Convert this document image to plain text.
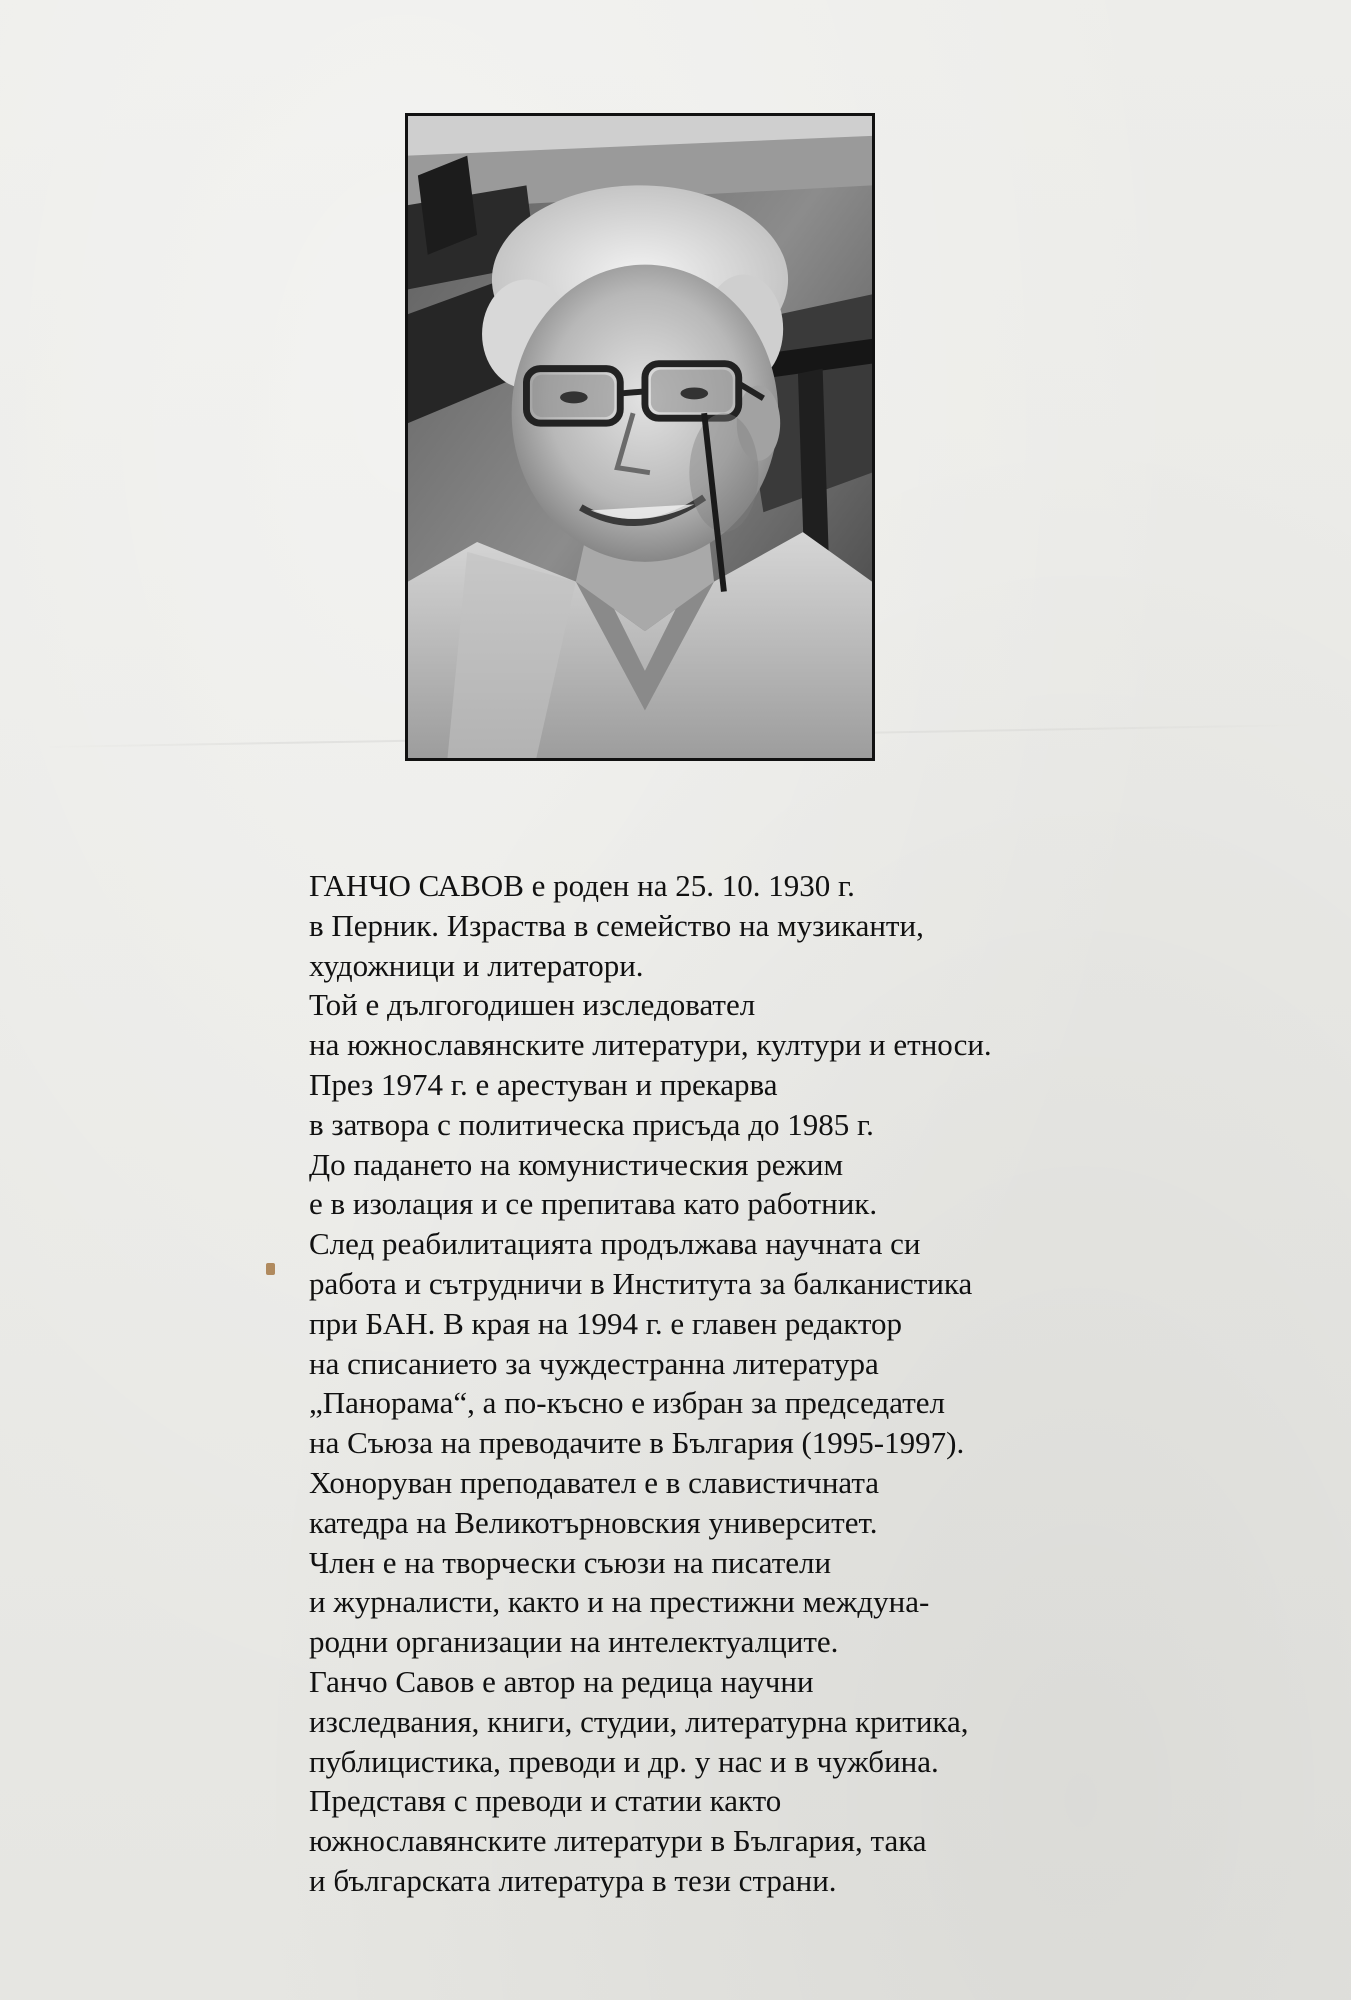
ГАНЧО САВОВ е роден на 25. 10. 1930 г.
в Перник. Израства в семейство на музиканти,
художници и литератори.
Той е дългогодишен изследовател
на южнославянските литератури, култури и етноси.
През 1974 г. е арестуван и прекарва
в затвора с политическа присъда до 1985 г.
До падането на комунистическия режим
е в изолация и се препитава като работник.
След реабилитацията продължава научната си
работа и сътрудничи в Института за балканистика
при БАН. В края на 1994 г. е главен редактор
на списанието за чуждестранна литература
„Панорама“, а по-късно е избран за председател
на Съюза на преводачите в България (1995-1997).
Хоноруван преподавател е в славистичната
катедра на Великотърновския университет.
Член е на творчески съюзи на писатели
и журналисти, както и на престижни междуна-
родни организации на интелектуалците.
Ганчо Савов е автор на редица научни
изследвания, книги, студии, литературна критика,
публицистика, преводи и др. у нас и в чужбина.
Представя с преводи и статии както
южнославянските литератури в България, така
и българската литература в тези страни.
